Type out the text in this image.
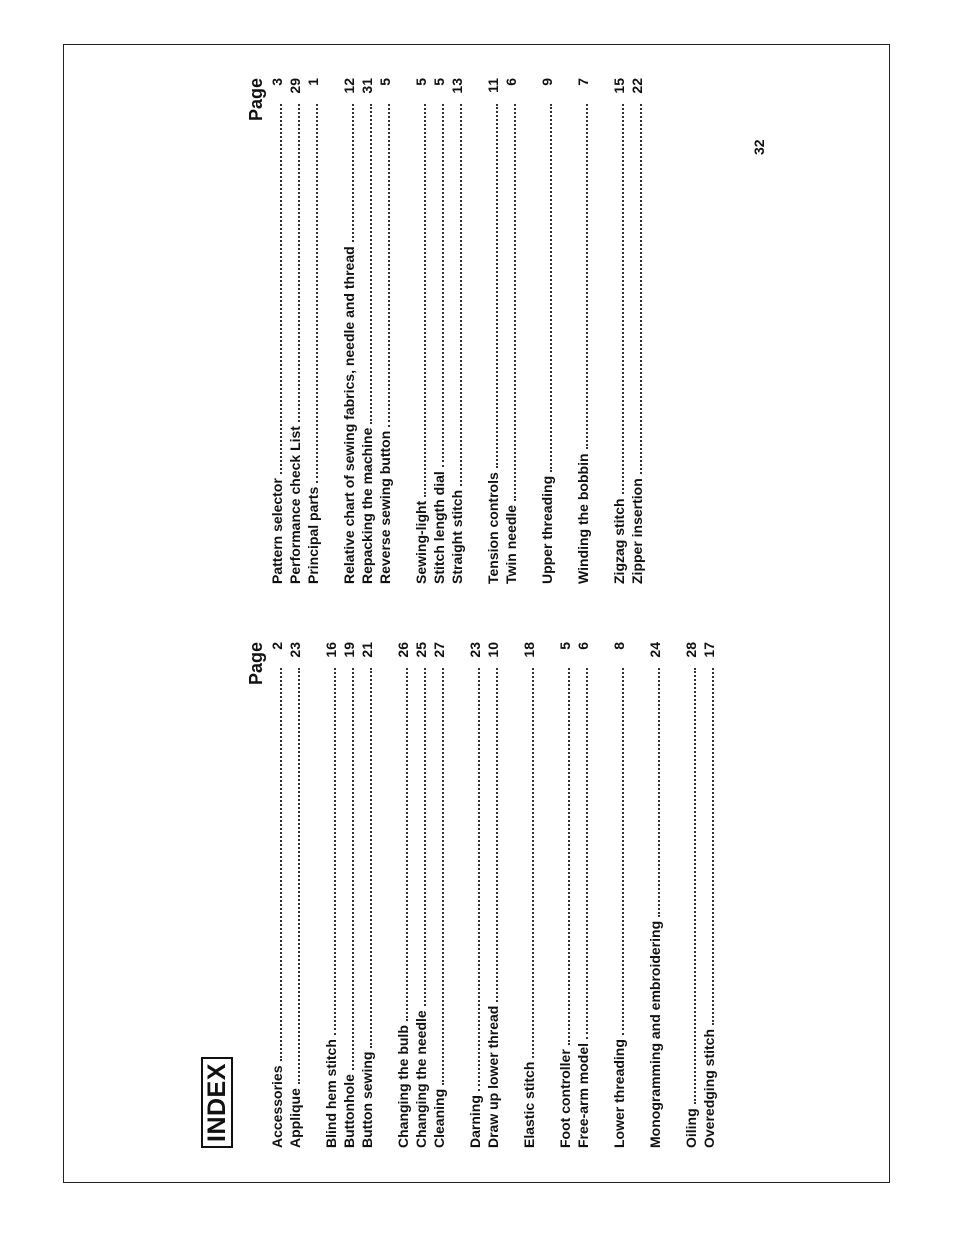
INDEX
Page
Accessories
2
Applique
23
Blind hem stitch
16
Buttonhole
19
Button sewing
21
Changing the bulb
26
Changing the needle
25
Cleaning
27
Darning
23
Draw up lower thread
10
Elastic stitch
18
Foot controller
5
Free-arm model
6
Lower threading
8
Monogramming and embroidering
24
Oiling
28
Overedging stitch
17
Page
Pattern selector
3
Performance check List
29
Principal parts
1
Relative chart of sewing fabrics, needle and thread
12
Repacking the machine
31
Reverse sewing button
5
Sewing-light
5
Stitch length dial
5
Straight stitch
13
Tension controls
11
Twin needle
6
Upper threading
9
Winding the bobbin
7
Zigzag stitch
15
Zipper insertion
22
32
